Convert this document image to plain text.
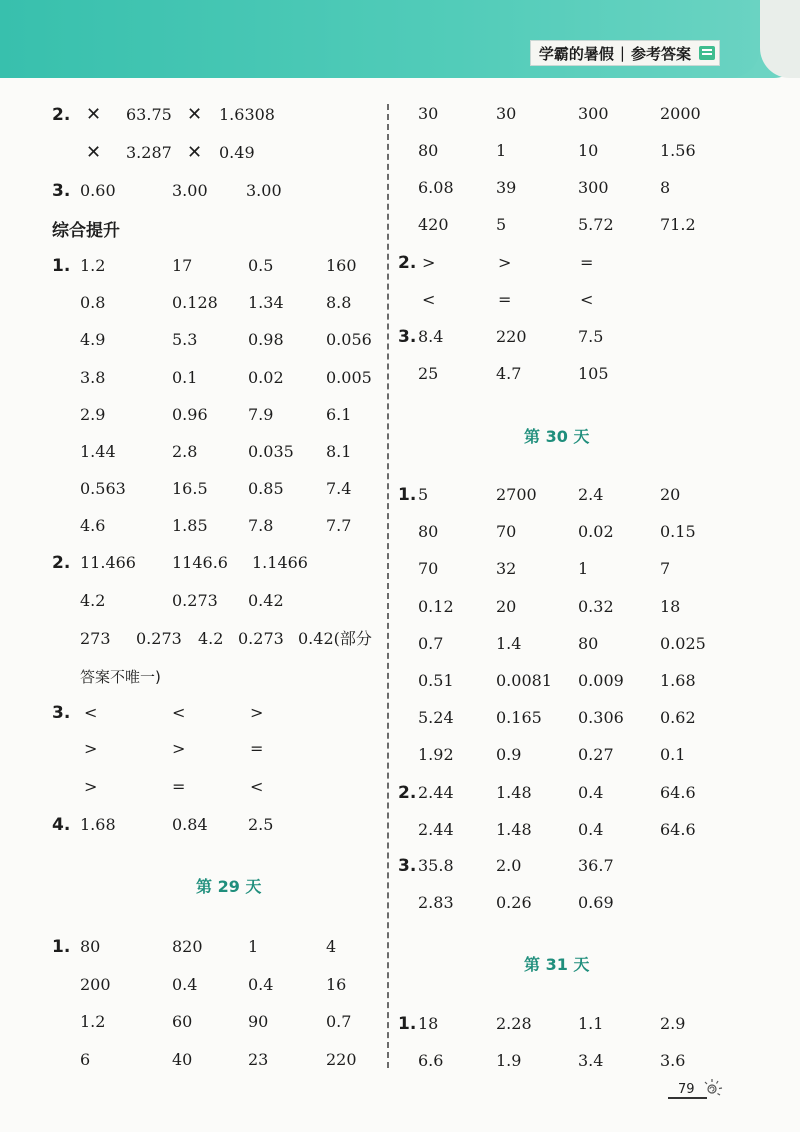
学霸的暑假 | 参考答案
2. ✕ 63.75 ✕ 1.6308
✕ 3.287 ✕ 0.49
3. 0.60	3.00 3.00
综合提升
1. 1.2	17	0.5	160
0.8	0.128 1.34	8.8
4.9	5.3	0.98	0.056
3.8	0.1	0.02	0.005
2.9	0.96	7.9	6.1
1.44	2.8	0.035 8.1
0.563	16.5	0.85	7.4
4.6	1.85	7.8	7.7
2. 11.466 1146.6 1.1466
4.2	0.273 0.42
273 0.273 4.2 0.273 0.42(部分
答案不唯一)
3. <	<	>
>	>	=
>	=	<
4. 1.68	0.84	2.5
第 29 天
1. 80	820	1	4
200	0.4	0.4	16
1.2	60	90	0.7
6	40	23	220
30	30	300	2000
80	1	10	1.56
6.08	39	300	8
420	5	5.72	71.2
2. >	>	=
<	=	<
3. 8.4	220	7.5
25	4.7	105
第 30 天
1. 5	2700	2.4	20
80	70	0.02	0.15
70	32	1	7
0.12	20	0.32	18
0.7	1.4	80	0.025
0.51	0.0081 0.009 1.68
5.24	0.165 0.306 0.62
1.92	0.9	0.27	0.1
2. 2.44	1.48	0.4	64.6
2.44	1.48	0.4	64.6
3. 35.8	2.0	36.7
2.83	0.26	0.69
第 31 天
1. 18	2.28	1.1	2.9
6.6	1.9	3.4	3.6
79
